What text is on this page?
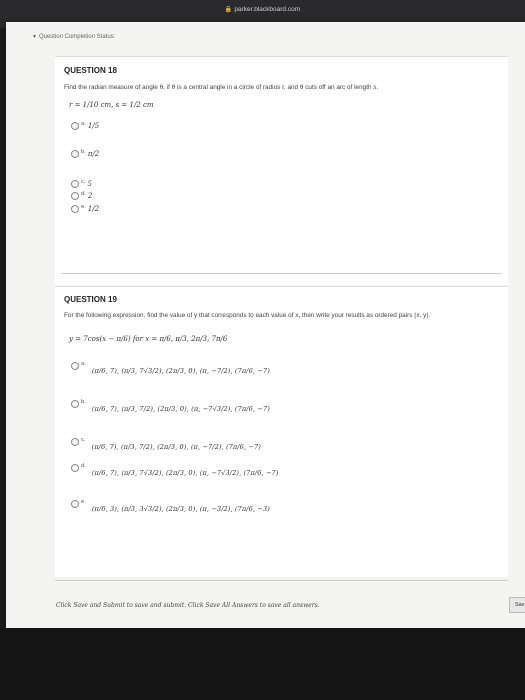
🔒 parker.blackboard.com
▼ Question Completion Status:
QUESTION 18
Find the radian measure of angle θ, if θ is a central angle in a circle of radius r, and θ cuts off an arc of length s.
r = 1/10 cm, s = 1/2 cm
a. 1/5
b. π/2
c. 5
d. 2
e. 1/2
QUESTION 19
For the following expression, find the value of y that corresponds to each value of x, then write your results as ordered pairs (x, y).
y = 7cos(x − π/6) for x = π/6, π/3, 2π/3, 7π/6
a.
(π/6, 7), (π/3, 7√3/2), (2π/3, 0), (π, −7/2), (7π/6, −7)
b.
(π/6, 7), (π/3, 7/2), (2π/3, 0), (π, −7√3/2), (7π/6, −7)
c.
(π/6, 7), (π/3, 7/2), (2π/3, 0), (π, −7/2), (7π/6, −7)
d.
(π/6, 7), (π/3, 7√3/2), (2π/3, 0), (π, −7√3/2), (7π/6, −7)
e.
(π/6, 3), (π/3, 3√3/2), (2π/3, 0), (π, −3/2), (7π/6, −3)
Click Save and Submit to save and submit. Click Save All Answers to save all answers.	Sav
